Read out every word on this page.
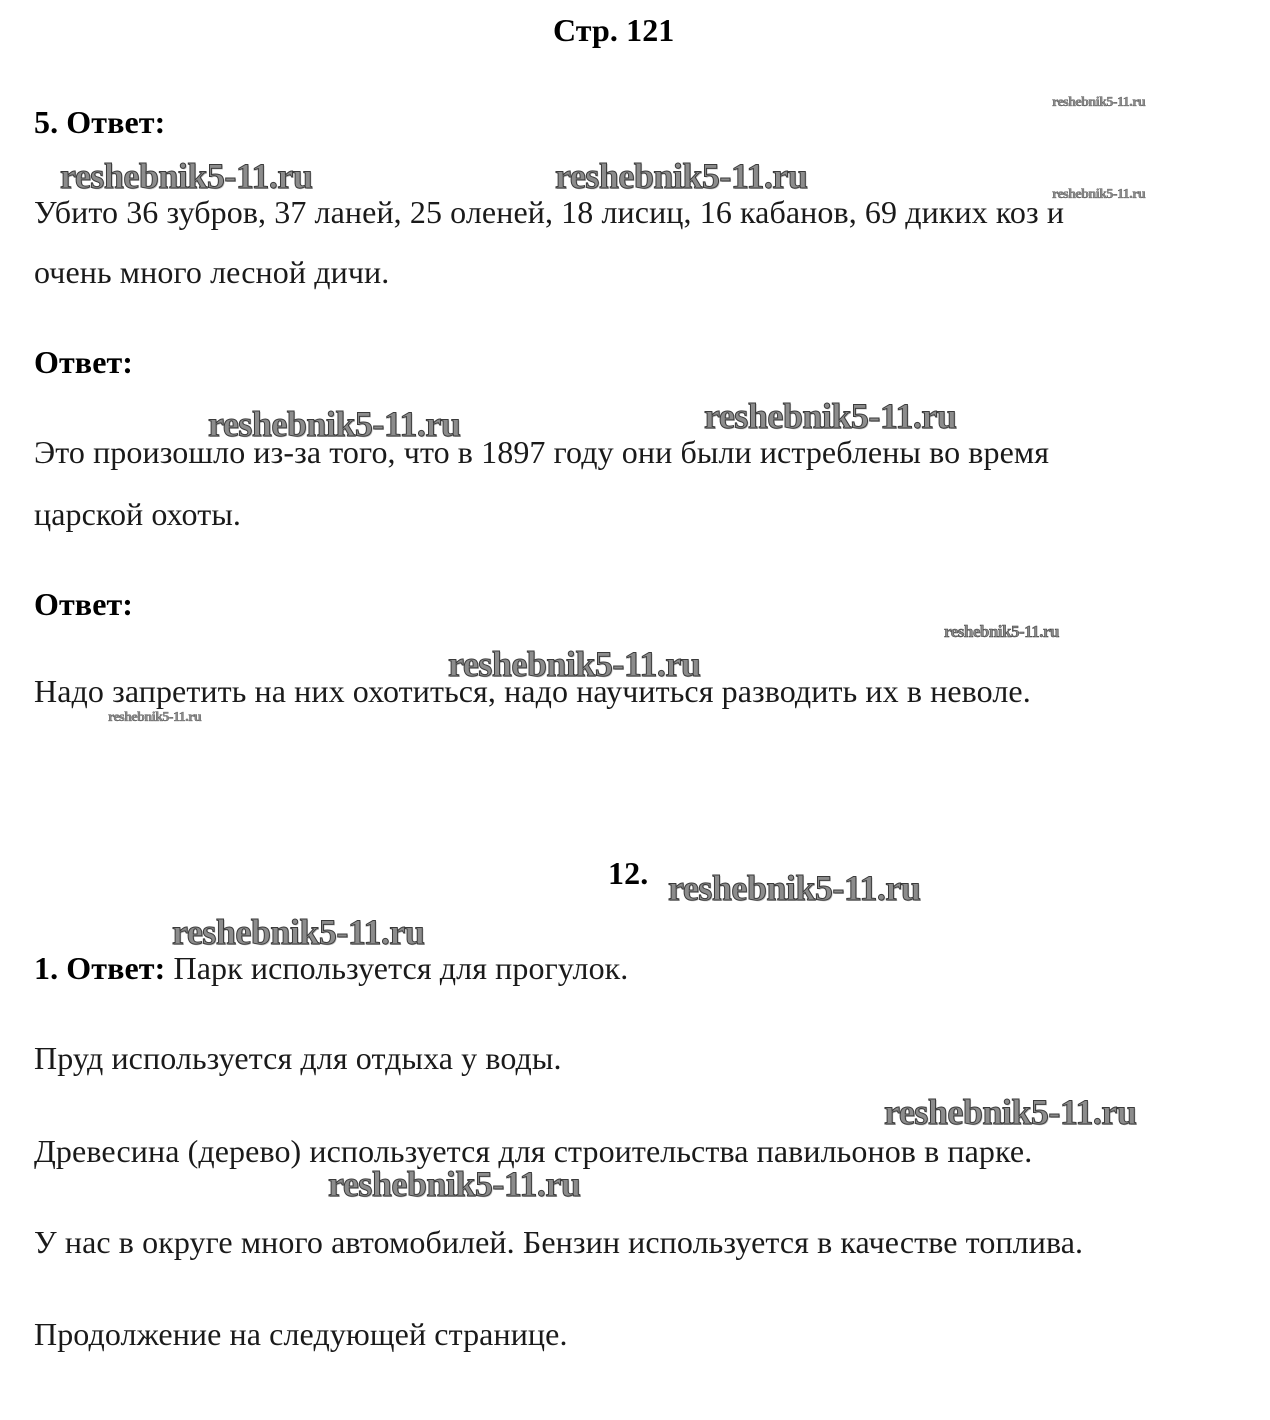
Стр. 121
5. Ответ:
Убито 36 зубров, 37 ланей, 25 оленей, 18 лисиц, 16 кабанов, 69 диких коз и
очень много лесной дичи.
Ответ:
Это произошло из-за того, что в 1897 году они были истреблены во время
царской охоты.
Ответ:
Надо запретить на них охотиться, надо научиться разводить их в неволе.
12.
1. Ответ: Парк используется для прогулок.
Пруд используется для отдыха у воды.
Древесина (дерево) используется для строительства павильонов в парке.
У нас в округе много автомобилей. Бензин используется в качестве топлива.
Продолжение на следующей странице.
reshebnik5-11.ru
reshebnik5-11.ru	reshebnik5-11.ru	reshebnik5-11.ru
reshebnik5-11.ru	reshebnik5-11.ru
reshebnik5-11.ru
reshebnik5-11.ru
reshebnik5-11.ru
reshebnik5-11.ru
reshebnik5-11.ru
reshebnik5-11.ru
reshebnik5-11.ru
